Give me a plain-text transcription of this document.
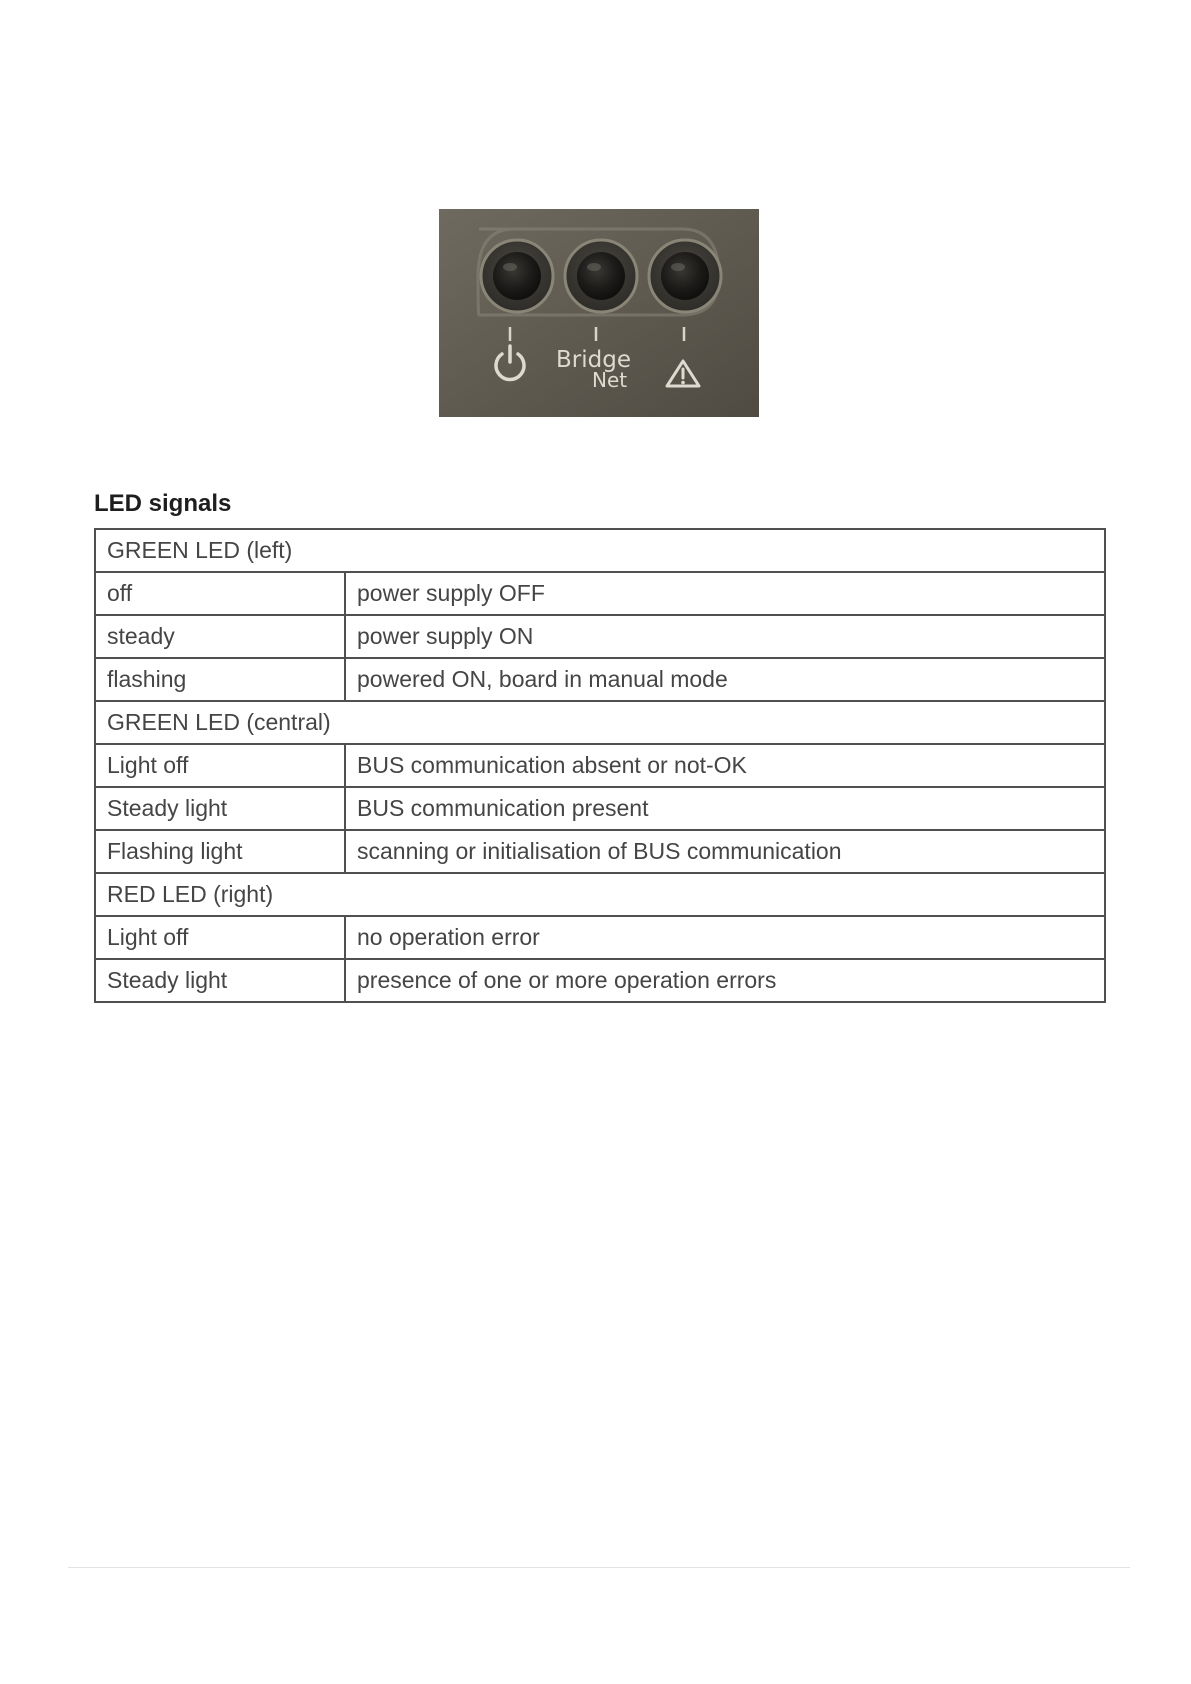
Bridge
Net
LED signals
GREEN LED (left)	
off	power supply OFF
steady	power supply ON
flashing	powered ON, board in manual mode
GREEN LED (central)	
Light off	BUS communication absent or not-OK
Steady light	BUS communication present
Flashing light	scanning or initialisation of BUS communication
RED LED (right)	
Light off	no operation error
Steady light	presence of one or more operation errors
